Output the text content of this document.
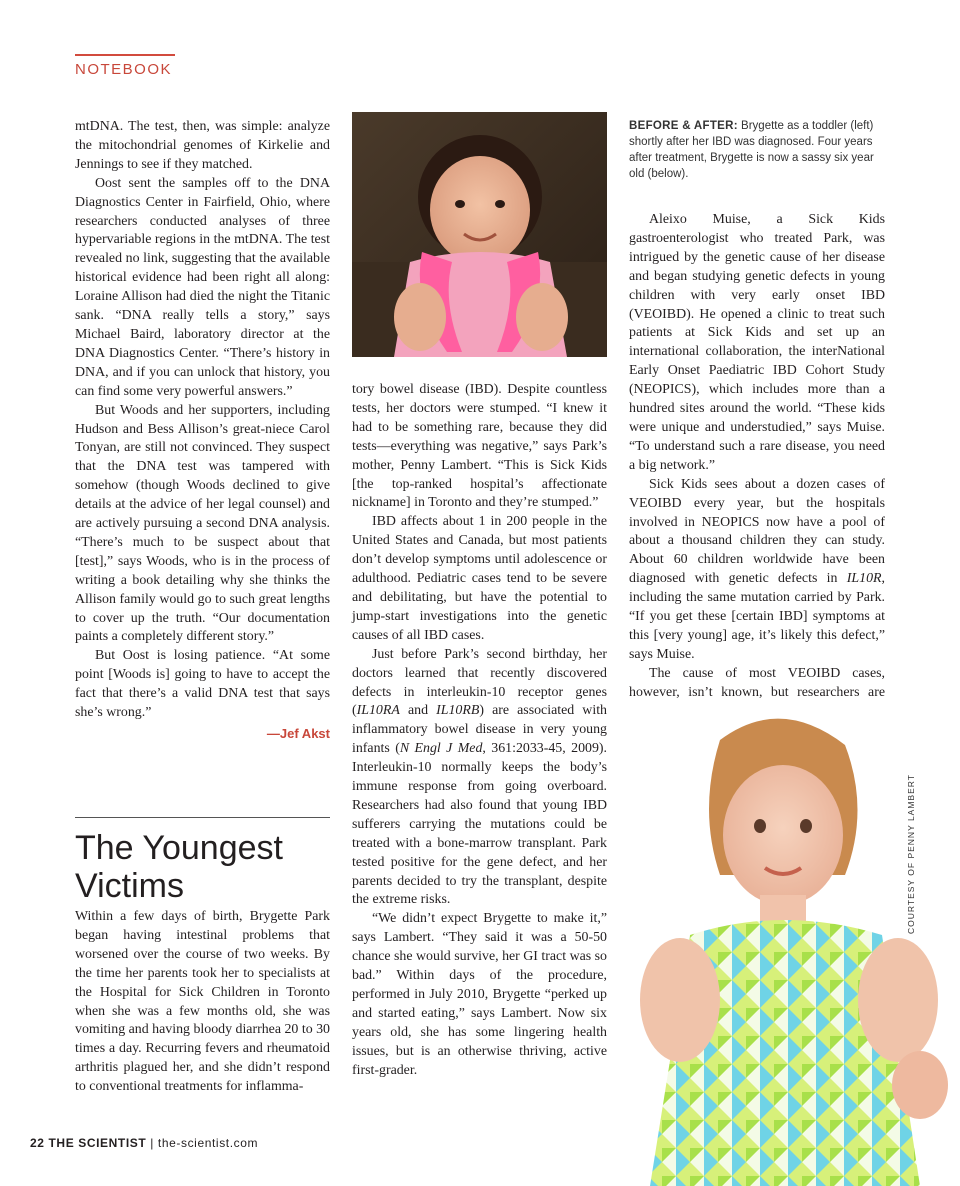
NOTEBOOK

mtDNA. The test, then, was simple: analyze the mitochondrial genomes of Kirkelie and Jennings to see if they matched.

Oost sent the samples off to the DNA Diagnostics Center in Fairfield, Ohio, where researchers conducted analyses of three hypervariable regions in the mtDNA. The test revealed no link, suggesting that the available historical evidence had been right all along: Loraine Allison had died the night the Titanic sank. “DNA really tells a story,” says Michael Baird, laboratory director at the DNA Diagnostics Center. “There’s history in DNA, and if you can unlock that history, you can find some very powerful answers.”

But Woods and her supporters, including Hudson and Bess Allison’s great-niece Carol Tonyan, are still not convinced. They suspect that the DNA test was tampered with somehow (though Woods declined to give details at the advice of her legal counsel) and are actively pursuing a second DNA analysis. “There’s much to be suspect about that [test],” says Woods, who is in the process of writing a book detailing why she thinks the Allison family would go to such great lengths to cover up the truth. “Our documentation paints a completely different story.”

But Oost is losing patience. “At some point [Woods is] going to have to accept the fact that there’s a valid DNA test that says she’s wrong.”

—Jef Akst
The Youngest Victims

Within a few days of birth, Brygette Park began having intestinal problems that worsened over the course of two weeks. By the time her parents took her to specialists at the Hospital for Sick Children in Toronto when she was a few months old, she was vomiting and having bloody diarrhea 20 to 30 times a day. Recurring fevers and rheumatoid arthritis plagued her, and she didn’t respond to conventional treatments for inflamma-

tory bowel disease (IBD). Despite countless tests, her doctors were stumped. “I knew it had to be something rare, because they did tests—everything was negative,” says Park’s mother, Penny Lambert. “This is Sick Kids [the top-ranked hospital’s affectionate nickname] in Toronto and they’re stumped.”

IBD affects about 1 in 200 people in the United States and Canada, but most patients don’t develop symptoms until adolescence or adulthood. Pediatric cases tend to be severe and debilitating, but have the potential to jump-start investigations into the genetic causes of all IBD cases.

Just before Park’s second birthday, her doctors learned that recently discovered defects in interleukin-10 receptor genes (IL10RA and IL10RB) are associated with inflammatory bowel disease in very young infants (N Engl J Med, 361:2033-45, 2009). Interleukin-10 normally keeps the body’s immune response from going overboard. Researchers had also found that young IBD sufferers carrying the mutations could be treated with a bone-marrow transplant. Park tested positive for the gene defect, and her parents decided to try the transplant, despite the extreme risks.

“We didn’t expect Brygette to make it,” says Lambert. “They said it was a 50-50 chance she would survive, her GI tract was so bad.” Within days of the procedure, performed in July 2010, Brygette “perked up and started eating,” says Lambert. Now six years old, she has some lingering health issues, but is an otherwise thriving, active first-grader.

BEFORE & AFTER: Brygette as a toddler (left) shortly after her IBD was diagnosed. Four years after treatment, Brygette is now a sassy six year old (below).

Aleixo Muise, a Sick Kids gastroenterologist who treated Park, was intrigued by the genetic cause of her disease and began studying genetic defects in young children with very early onset IBD (VEOIBD). He opened a clinic to treat such patients at Sick Kids and set up an international collaboration, the interNational Early Onset Paediatric IBD Cohort Study (NEOPICS), which includes more than a hundred sites around the world. “These kids were unique and understudied,” says Muise. “To understand such a rare disease, you need a big network.”

Sick Kids sees about a dozen cases of VEOIBD every year, but the hospitals involved in NEOPICS now have a pool of about a thousand children they can study. About 60 children worldwide have been diagnosed with genetic defects in IL10R, including the same mutation carried by Park. “If you get these [certain IBD] symptoms at this [very young] age, it’s likely this defect,” says Muise.

The cause of most VEOIBD cases, however, isn’t known, but researchers are

COURTESY OF PENNY LAMBERT
22 THE SCIENTIST | the-scientist.com
